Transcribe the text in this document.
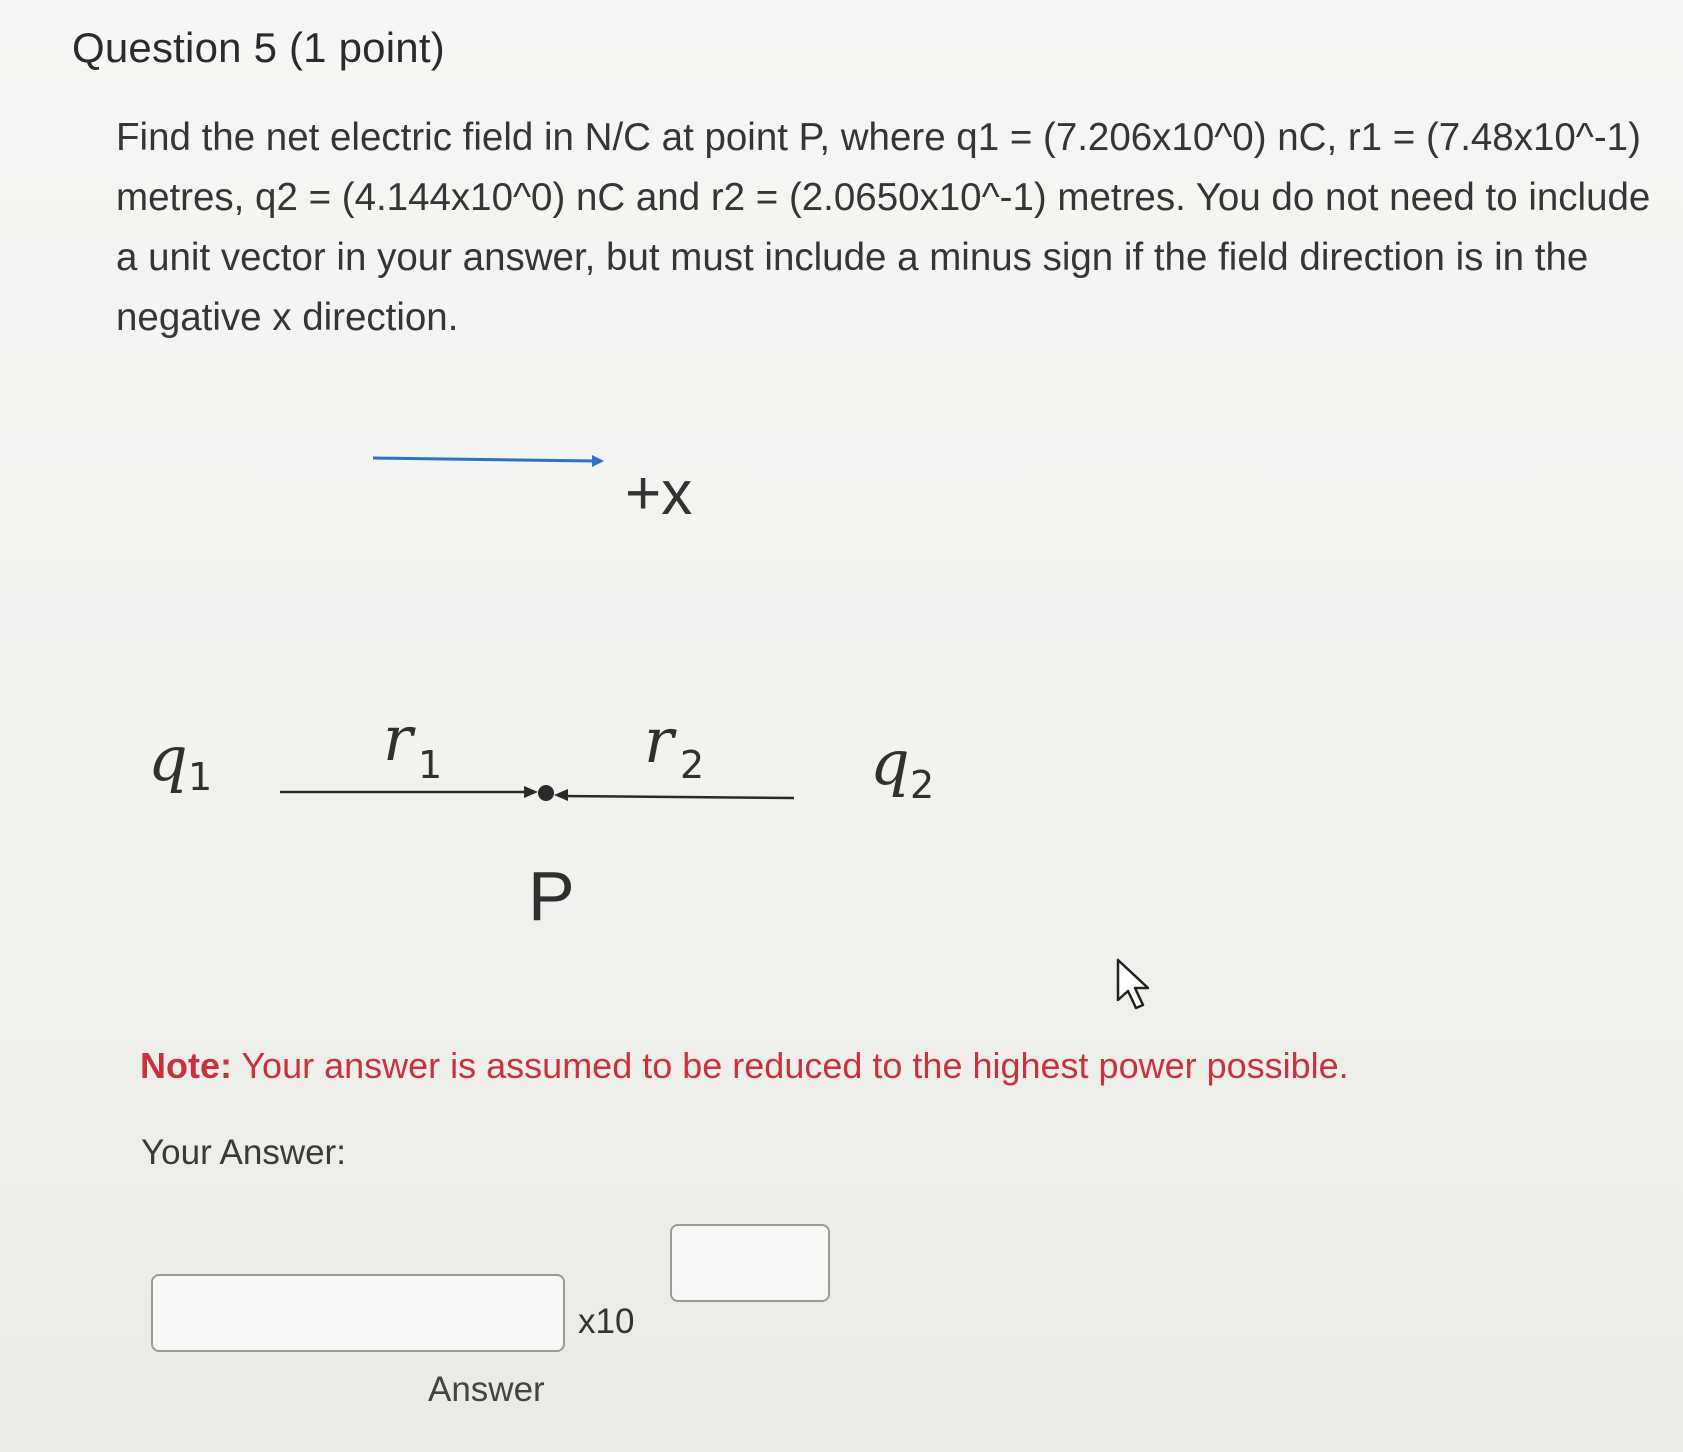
Question 5 (1 point)
Find the net electric field in N/C at point P, where q1 = (7.206x10^0) nC, r1 = (7.48x10^-1) metres, q2 = (4.144x10^0) nC and r2 = (2.0650x10^-1) metres. You do not need to include a unit vector in your answer, but must include a minus sign if the field direction is in the negative x direction.
+x
q 1
r 1	r 2	q 2
P
Note: Your answer is assumed to be reduced to the highest power possible.
Your Answer:
x10
Answer
